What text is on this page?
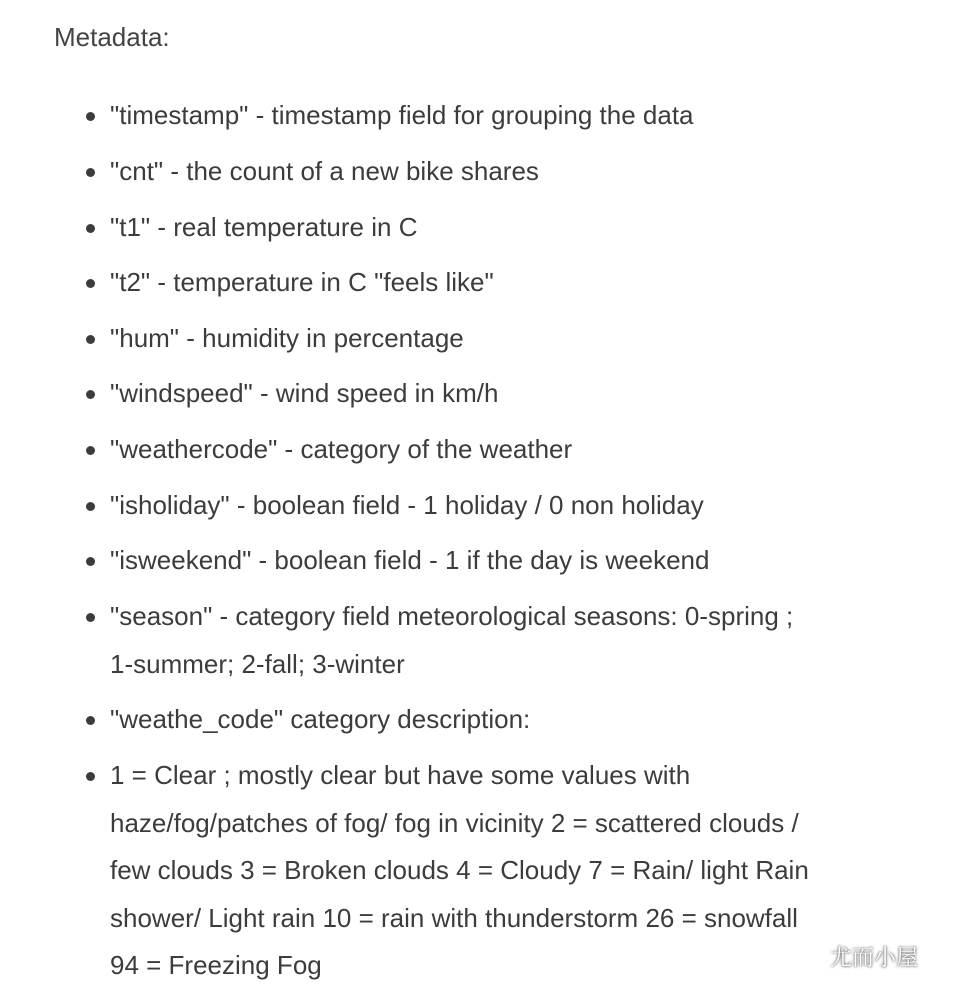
Metadata:
"timestamp" - timestamp field for grouping the data
"cnt" - the count of a new bike shares
"t1" - real temperature in C
"t2" - temperature in C "feels like"
"hum" - humidity in percentage
"windspeed" - wind speed in km/h
"weathercode" - category of the weather
"isholiday" - boolean field - 1 holiday / 0 non holiday
"isweekend" - boolean field - 1 if the day is weekend
"season" - category field meteorological seasons: 0-spring ; 1-summer; 2-fall; 3-winter
"weathe_code" category description:
1 = Clear ; mostly clear but have some values with haze/fog/patches of fog/ fog in vicinity 2 = scattered clouds / few clouds 3 = Broken clouds 4 = Cloudy 7 = Rain/ light Rain shower/ Light rain 10 = rain with thunderstorm 26 = snowfall 94 = Freezing Fog	尤而小屋
